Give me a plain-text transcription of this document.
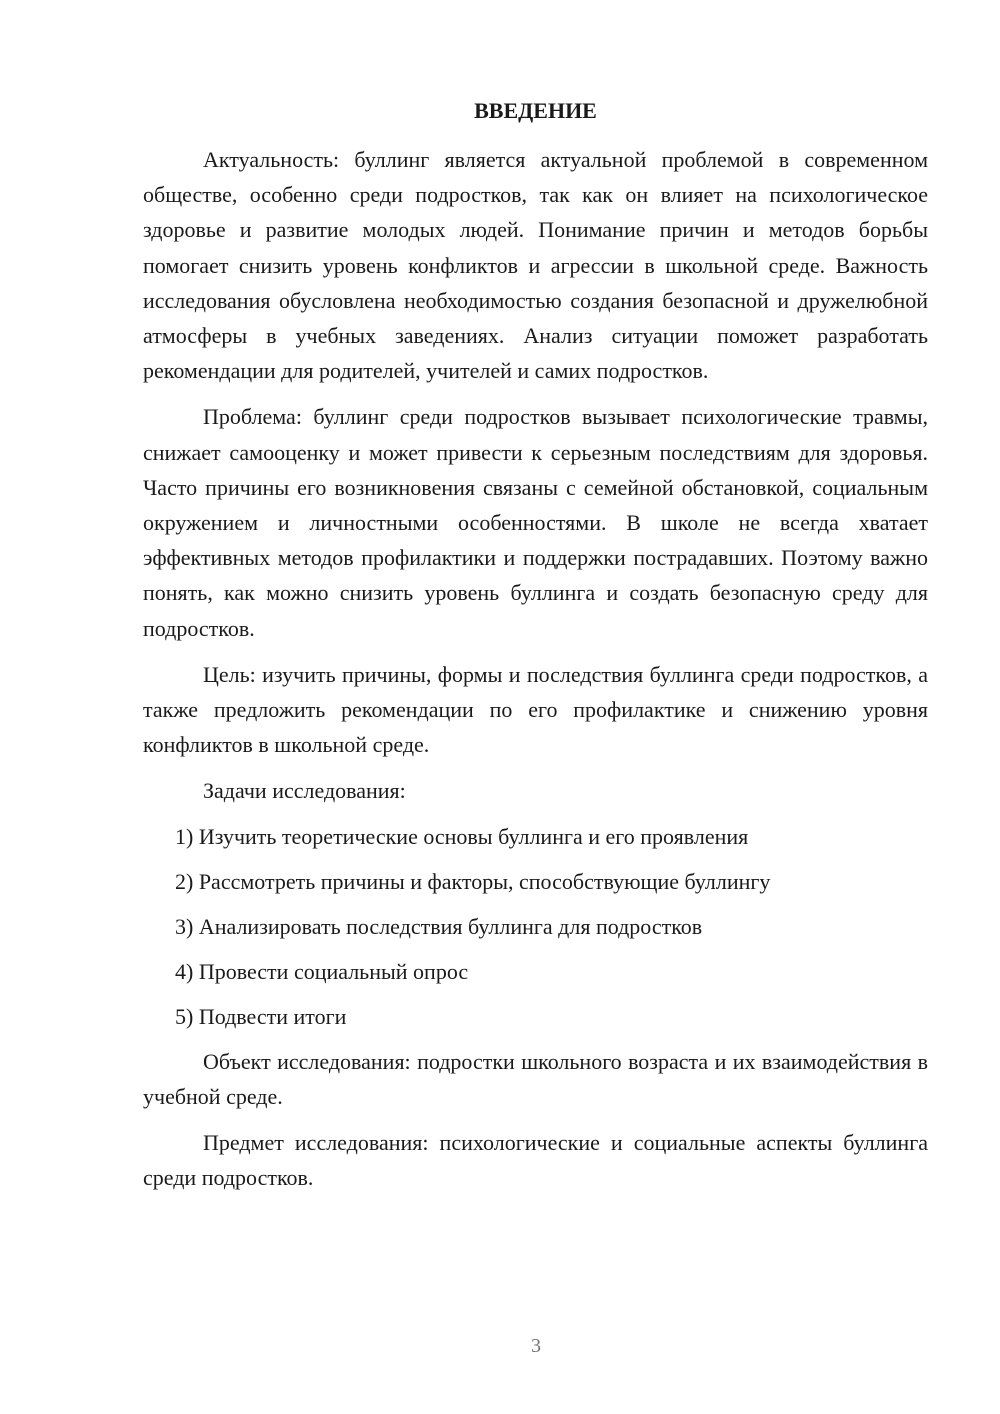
ВВЕДЕНИЕ

Актуальность: буллинг является актуальной проблемой в современном обществе, особенно среди подростков, так как он влияет на психологическое здоровье и развитие молодых людей. Понимание причин и методов борьбы помогает снизить уровень конфликтов и агрессии в школьной среде. Важность исследования обусловлена необходимостью создания безопасной и дружелюбной атмосферы в учебных заведениях. Анализ ситуации поможет разработать рекомендации для родителей, учителей и самих подростков.

Проблема: буллинг среди подростков вызывает психологические травмы, снижает самооценку и может привести к серьезным последствиям для здоровья. Часто причины его возникновения связаны с семейной обстановкой, социальным окружением и личностными особенностями. В школе не всегда хватает эффективных методов профилактики и поддержки пострадавших. Поэтому важно понять, как можно снизить уровень буллинга и создать безопасную среду для подростков.

Цель: изучить причины, формы и последствия буллинга среди подростков, а также предложить рекомендации по его профилактике и снижению уровня конфликтов в школьной среде.

Задачи исследования:

1) Изучить теоретические основы буллинга и его проявления
2) Рассмотреть причины и факторы, способствующие буллингу
3) Анализировать последствия буллинга для подростков
4) Провести социальный опрос
5) Подвести итоги

Объект исследования: подростки школьного возраста и их взаимодействия в учебной среде.

Предмет исследования: психологические и социальные аспекты буллинга среди подростков.

3
